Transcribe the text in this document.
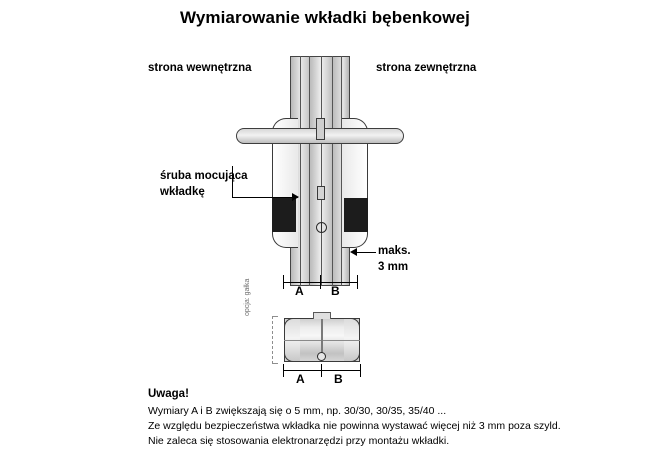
Wymiarowanie wkładki bębenkowej
strona wewnętrzna	strona zewnętrzna
śruba mocująca
wkładkę
maks.
3 mm
A B
opcja: gałka
A B
Uwaga!
Wymiary A i B zwiększają się o 5 mm, np. 30/30, 30/35, 35/40 ...
Ze względu bezpieczeństwa wkładka nie powinna wystawać więcej niż 3 mm poza szyld.
Nie zaleca się stosowania elektronarzędzi przy montażu wkładki.
